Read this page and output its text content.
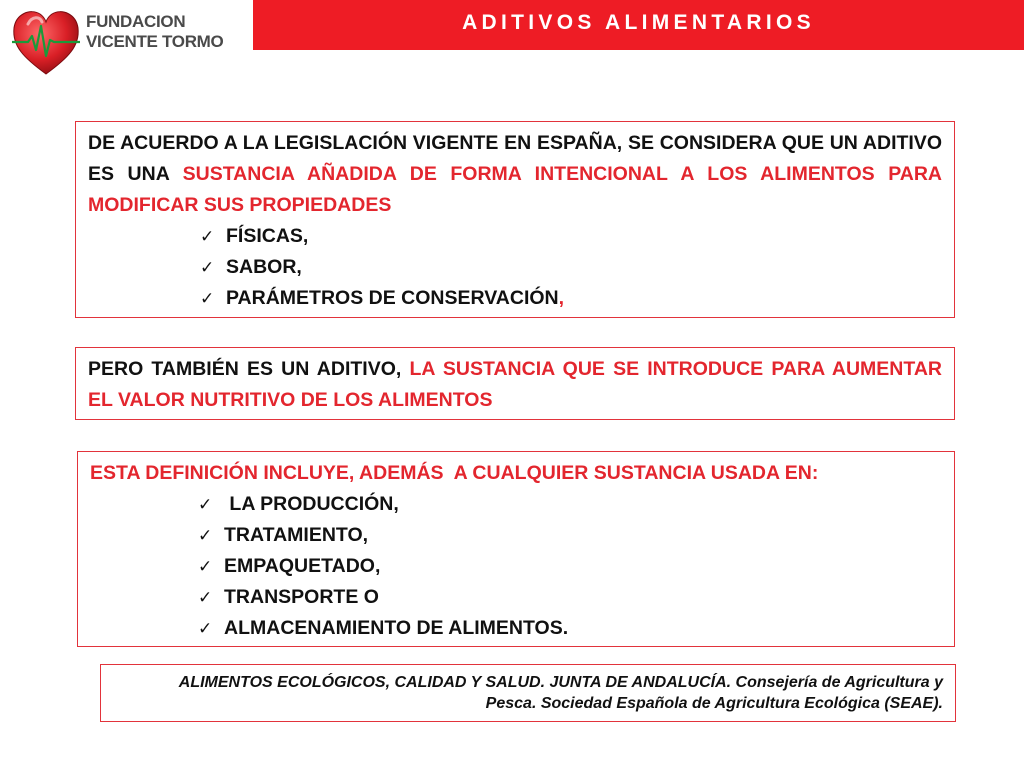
FUNDACION
VICENTE TORMO
ADITIVOS ALIMENTARIOS

DE ACUERDO A LA LEGISLACIÓN VIGENTE EN ESPAÑA, SE CONSIDERA QUE UN ADITIVO ES UNA SUSTANCIA AÑADIDA DE FORMA INTENCIONAL A LOS ALIMENTOS PARA MODIFICAR SUS PROPIEDADES

✓ FÍSICAS,
✓ SABOR,
✓ PARÁMETROS DE CONSERVACIÓN,

PERO TAMBIÉN ES UN ADITIVO, LA SUSTANCIA QUE SE INTRODUCE PARA AUMENTAR EL VALOR NUTRITIVO DE LOS ALIMENTOS

ESTA DEFINICIÓN INCLUYE, ADEMÁS  A CUALQUIER SUSTANCIA USADA EN:

✓ LA PRODUCCIÓN,
✓ TRATAMIENTO,
✓ EMPAQUETADO,
✓ TRANSPORTE O
✓ ALMACENAMIENTO DE ALIMENTOS.

ALIMENTOS ECOLÓGICOS, CALIDAD Y SALUD. JUNTA DE ANDALUCÍA. Consejería de Agricultura y
Pesca. Sociedad Española de Agricultura Ecológica (SEAE).
